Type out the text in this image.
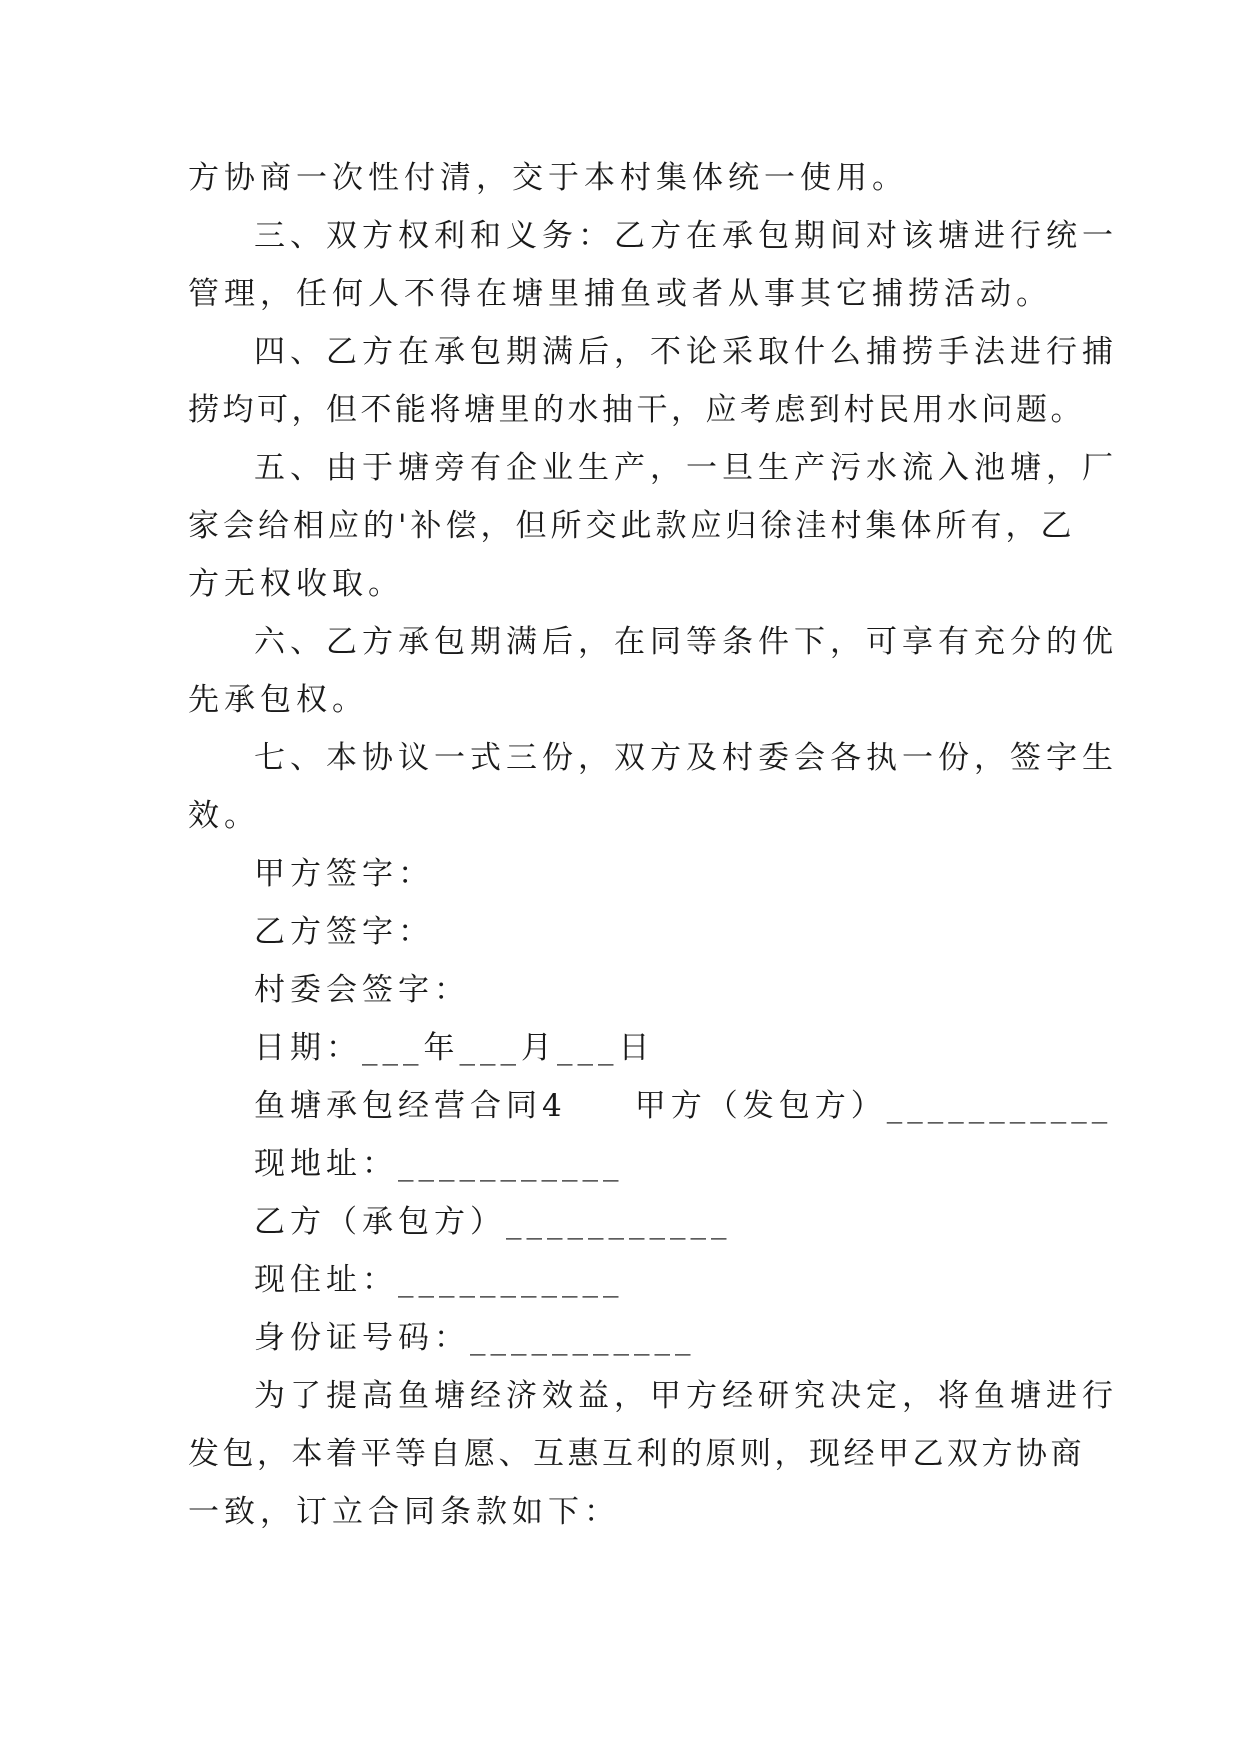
方协商一次性付清，交于本村集体统一使用。
三、双方权利和义务：乙方在承包期间对该塘进行统一
管理，任何人不得在塘里捕鱼或者从事其它捕捞活动。
四、乙方在承包期满后，不论采取什么捕捞手法进行捕
捞均可，但不能将塘里的水抽干，应考虑到村民用水问题。
五、由于塘旁有企业生产，一旦生产污水流入池塘，厂
家会给相应的'补偿，但所交此款应归徐洼村集体所有，乙
方无权收取。
六、乙方承包期满后，在同等条件下，可享有充分的优
先承包权。
七、本协议一式三份，双方及村委会各执一份，签字生
效。
甲方签字：
乙方签字：
村委会签字：
日期：___年___月___日
鱼塘承包经营合同4 甲方（发包方）___________
现地址：___________
乙方（承包方）___________
现住址：___________
身份证号码：___________
为了提高鱼塘经济效益，甲方经研究决定，将鱼塘进行
发包，本着平等自愿、互惠互利的原则，现经甲乙双方协商
一致，订立合同条款如下：
